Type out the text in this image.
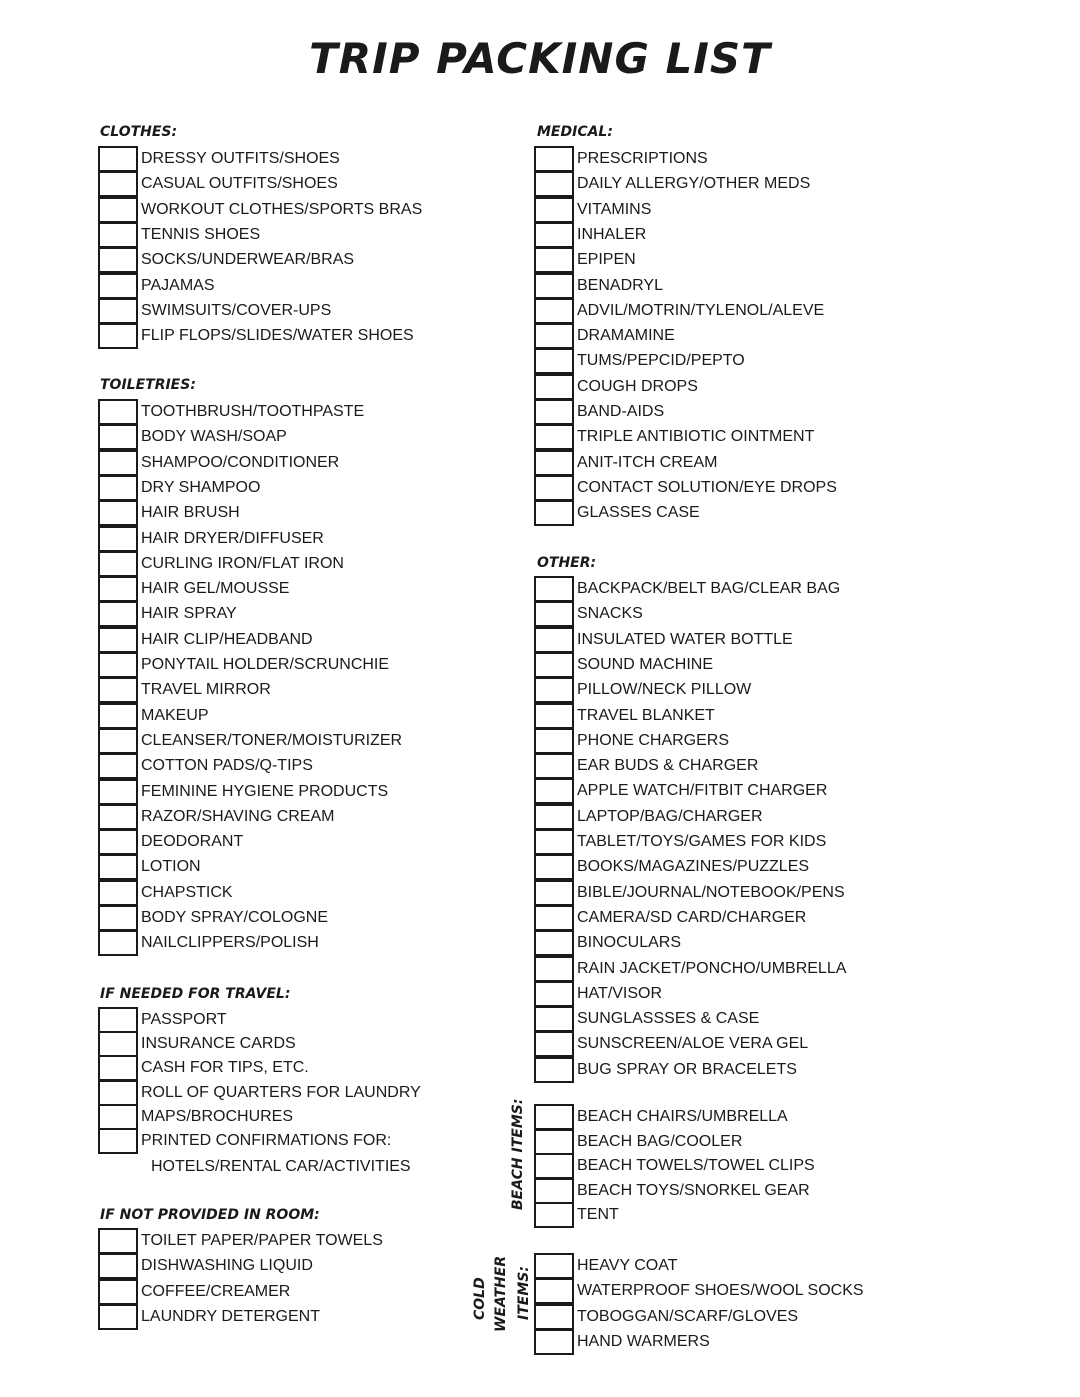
TRIP PACKING LIST
CLOTHES:
DRESSY OUTFITS/SHOES
CASUAL OUTFITS/SHOES
WORKOUT CLOTHES/SPORTS BRAS
TENNIS SHOES
SOCKS/UNDERWEAR/BRAS
PAJAMAS
SWIMSUITS/COVER-UPS
FLIP FLOPS/SLIDES/WATER SHOES
TOILETRIES:
TOOTHBRUSH/TOOTHPASTE
BODY WASH/SOAP
SHAMPOO/CONDITIONER
DRY SHAMPOO
HAIR BRUSH
HAIR DRYER/DIFFUSER
CURLING IRON/FLAT IRON
HAIR GEL/MOUSSE
HAIR SPRAY
HAIR CLIP/HEADBAND
PONYTAIL HOLDER/SCRUNCHIE
TRAVEL MIRROR
MAKEUP
CLEANSER/TONER/MOISTURIZER
COTTON PADS/Q-TIPS
FEMININE HYGIENE PRODUCTS
RAZOR/SHAVING CREAM
DEODORANT
LOTION
CHAPSTICK
BODY SPRAY/COLOGNE
NAILCLIPPERS/POLISH
IF NEEDED FOR TRAVEL:
PASSPORT
INSURANCE CARDS
CASH FOR TIPS, ETC.
ROLL OF QUARTERS FOR LAUNDRY
MAPS/BROCHURES
PRINTED CONFIRMATIONS FOR:
HOTELS/RENTAL CAR/ACTIVITIES
IF NOT PROVIDED IN ROOM:
TOILET PAPER/PAPER TOWELS
DISHWASHING LIQUID
COFFEE/CREAMER
LAUNDRY DETERGENT
MEDICAL:
PRESCRIPTIONS
DAILY ALLERGY/OTHER MEDS
VITAMINS
INHALER
EPIPEN
BENADRYL
ADVIL/MOTRIN/TYLENOL/ALEVE
DRAMAMINE
TUMS/PEPCID/PEPTO
COUGH DROPS
BAND-AIDS
TRIPLE ANTIBIOTIC OINTMENT
ANIT-ITCH CREAM
CONTACT SOLUTION/EYE DROPS
GLASSES CASE
OTHER:
BACKPACK/BELT BAG/CLEAR BAG
SNACKS
INSULATED WATER BOTTLE
SOUND MACHINE
PILLOW/NECK PILLOW
TRAVEL BLANKET
PHONE CHARGERS
EAR BUDS & CHARGER
APPLE WATCH/FITBIT CHARGER
LAPTOP/BAG/CHARGER
TABLET/TOYS/GAMES FOR KIDS
BOOKS/MAGAZINES/PUZZLES
BIBLE/JOURNAL/NOTEBOOK/PENS
CAMERA/SD CARD/CHARGER
BINOCULARS
RAIN JACKET/PONCHO/UMBRELLA
HAT/VISOR
SUNGLASSSES & CASE
SUNSCREEN/ALOE VERA GEL
BUG SPRAY OR BRACELETS
BEACH ITEMS:	BEACH CHAIRS/UMBRELLA
BEACH BAG/COOLER
BEACH TOWELS/TOWEL CLIPS
BEACH TOYS/SNORKEL GEAR
TENT
COLD WEATHER ITEMS:
HEAVY COAT
WATERPROOF SHOES/WOOL SOCKS
TOBOGGAN/SCARF/GLOVES
HAND WARMERS
